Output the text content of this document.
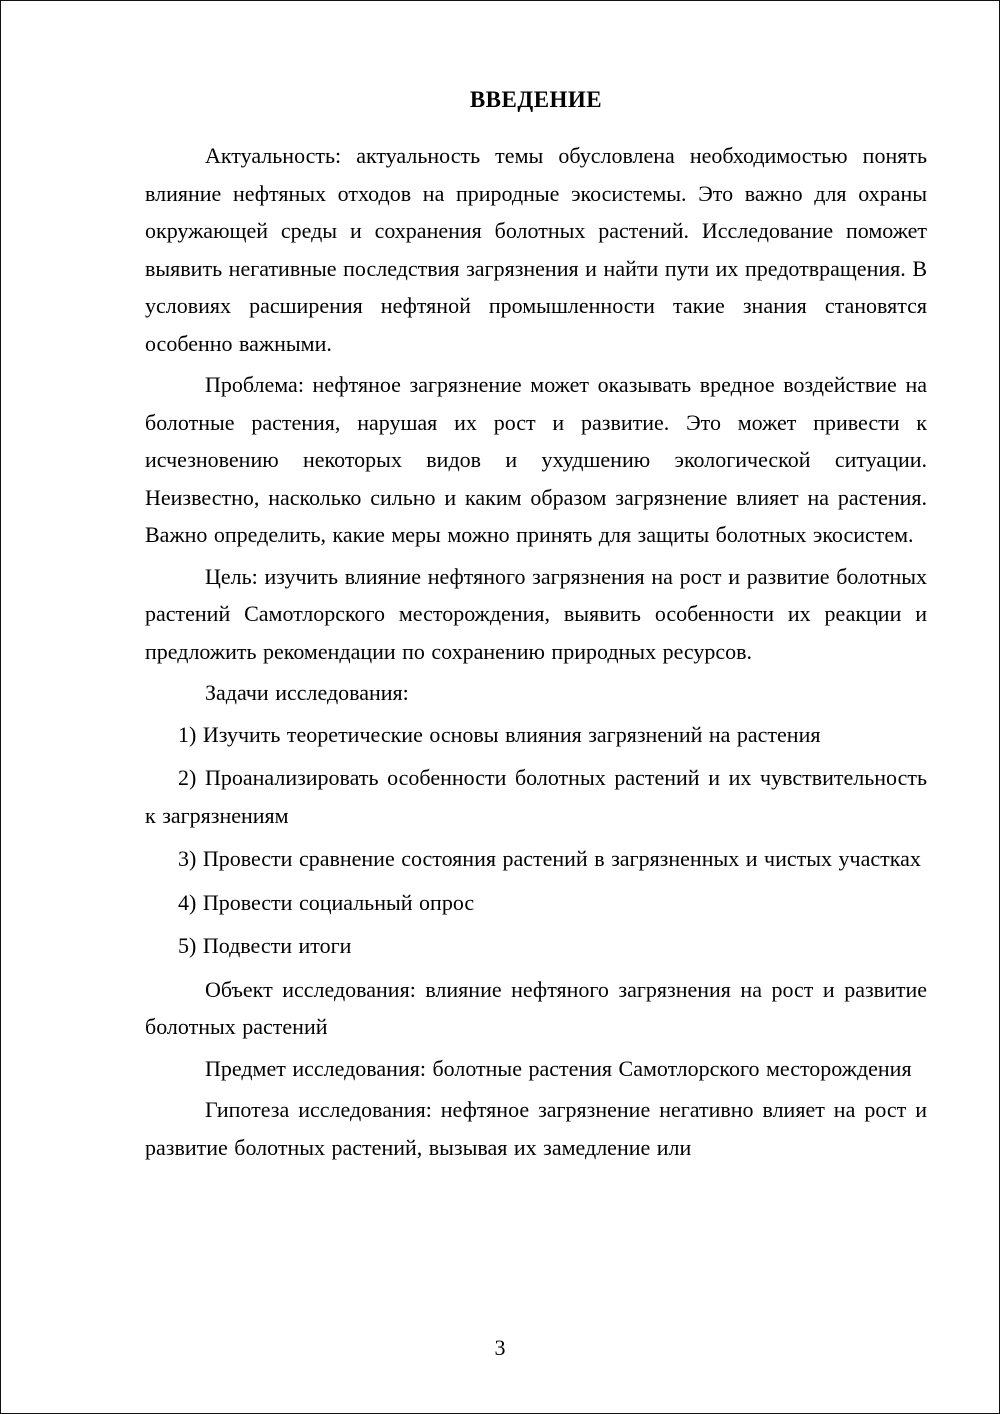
ВВЕДЕНИЕ

Актуальность: актуальность темы обусловлена необходимостью понять влияние нефтяных отходов на природные экосистемы. Это важно для охраны окружающей среды и сохранения болотных растений. Исследование поможет выявить негативные последствия загрязнения и найти пути их предотвращения. В условиях расширения нефтяной промышленности такие знания становятся особенно важными.

Проблема: нефтяное загрязнение может оказывать вредное воздействие на болотные растения, нарушая их рост и развитие. Это может привести к исчезновению некоторых видов и ухудшению экологической ситуации. Неизвестно, насколько сильно и каким образом загрязнение влияет на растения. Важно определить, какие меры можно принять для защиты болотных экосистем.

Цель: изучить влияние нефтяного загрязнения на рост и развитие болотных растений Самотлорского месторождения, выявить особенности их реакции и предложить рекомендации по сохранению природных ресурсов.

Задачи исследования:

1) Изучить теоретические основы влияния загрязнений на растения

2) Проанализировать особенности болотных растений и их чувствительность к загрязнениям

3) Провести сравнение состояния растений в загрязненных и чистых участках

4) Провести социальный опрос

5) Подвести итоги

Объект исследования: влияние нефтяного загрязнения на рост и развитие болотных растений

Предмет исследования: болотные растения Самотлорского месторождения

Гипотеза исследования: нефтяное загрязнение негативно влияет на рост и развитие болотных растений, вызывая их замедление или

3
